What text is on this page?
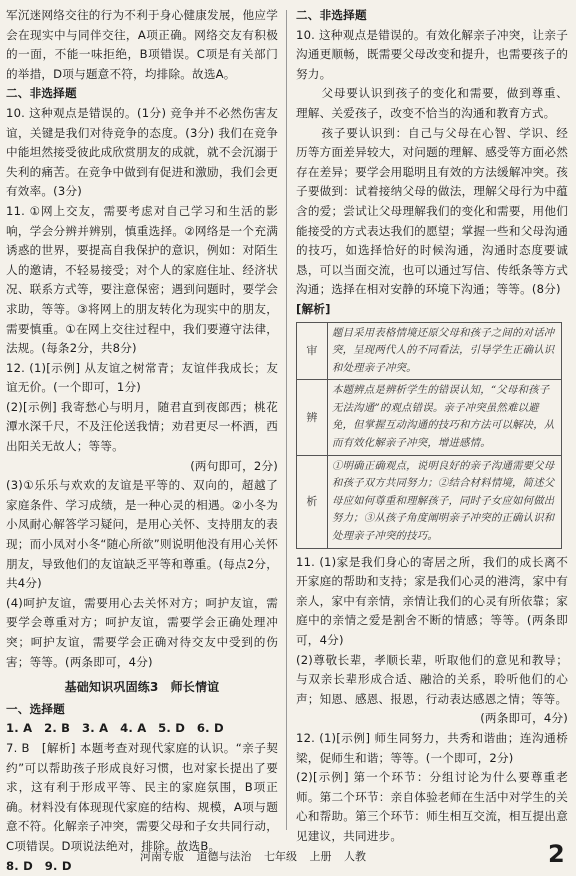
军沉迷网络交往的行为不利于身心健康发展，他应学会在现实中与同伴交往，A项正确。网络交友有积极的一面，不能一味拒绝，B项错误。C项是有关部门的举措，D项与题意不符，均排除。故选A。

二、非选择题

10. 这种观点是错误的。(1分) 竞争并不必然伤害友谊，关键是我们对待竞争的态度。(3分) 我们在竞争中能坦然接受彼此成欣赏朋友的成就，就不会沉溺于失利的痛苦。在竞争中做到有促进和激励，我们会更有效率。(3分)

11. ①网上交友，需要考虑对自己学习和生活的影响，学会分辨并辨别，慎重选择。②网络是一个充满诱惑的世界，要提高自我保护的意识，例如：对陌生人的邀请，不轻易接受；对个人的家庭住址、经济状况、联系方式等，要注意保密；遇到问题时，要学会求助，等等。③将网上的朋友转化为现实中的朋友，需要慎重。①在网上交往过程中，我们要遵守法律，法规。(每条2分，共8分)

12. (1)[示例] 从友谊之树常青；友谊伴我成长；友谊无价。(一个即可，1分)

(2)[示例] 我寄愁心与明月，随君直到夜郎西；桃花潭水深千尺，不及汪伦送我情；劝君更尽一杯酒，西出阳关无故人；等等。

(两句即可，2分)

(3)①乐乐与欢欢的友谊是平等的、双向的，超越了家庭条件、学习成绩，是一种心灵的相遇。②小冬为小凤耐心解答学习疑问，是用心关怀、支持朋友的表现；而小凤对小冬“随心所欲”则说明他没有用心关怀朋友，导致他们的友谊缺乏平等和尊重。(每点2分，共4分)

(4)呵护友谊，需要用心去关怀对方；呵护友谊，需要学会尊重对方；呵护友谊，需要学会正确处理冲突；呵护友谊，需要学会正确对待交友中受到的伤害；等等。(两条即可，4分)

基础知识巩固练3 师长情谊

一、选择题

1. A　2. B　3. A　4. A　5. D　6. D

7. B　[解析] 本题考查对现代家庭的认识。“亲子契约”可以帮助孩子形成良好习惯，也对家长提出了要求，这有利于形成平等、民主的家庭氛围，B项正确。材料没有体现现代家庭的结构、规模，A项与题意不符。化解亲子冲突，需要父母和子女共同行动，C项错误。D项说法绝对，排除。故选B。

8. D　9. D

二、非选择题

10. 这种观点是错误的。有效化解亲子冲突，让亲子沟通更顺畅，既需要父母改变和提升，也需要孩子的努力。

父母要认识到孩子的变化和需要，做到尊重、理解、关爱孩子，改变不恰当的沟通和教育方式。

孩子要认识到：自己与父母在心智、学识、经历等方面差异较大，对问题的理解、感受等方面必然存在差异；要学会用聪明且有效的方法缓解冲突。孩子要做到：试着接纳父母的做法，理解父母行为中蕴含的爱；尝试让父母理解我们的变化和需要，用他们能接受的方式表达我们的愿望；掌握一些和父母沟通的技巧，如选择恰好的时候沟通，沟通时态度要诚恳，可以当面交流，也可以通过写信、传纸条等方式沟通；选择在相对安静的环境下沟通；等等。(8分)

[解析]

审	题目采用表格情境还原父母和孩子之间的对话冲突，呈现两代人的不同看法，引导学生正确认识和处理亲子冲突。
辨	本题辨点是辨析学生的错误认知，“父母和孩子无法沟通”的观点错误。亲子冲突虽然难以避免，但掌握互动沟通的技巧和方法可以解决，从而有效化解亲子冲突，增进感情。
析	①明确正确观点，说明良好的亲子沟通需要父母和孩子双方共同努力；②结合材料情境，简述父母应如何尊重和理解孩子，同时子女应如何做出努力；③从孩子角度阐明亲子冲突的正确认识和处理亲子冲突的技巧。

11. (1)家是我们身心的寄居之所，我们的成长离不开家庭的帮助和支持；家是我们心灵的港湾，家中有亲人，家中有亲情，亲情让我们的心灵有所依靠；家庭中的亲情之爱是割舍不断的情感；等等。(两条即可，4分)

(2)尊敬长辈，孝顺长辈，听取他们的意见和教导；与双亲长辈形成合适、融洽的关系，聆听他们的心声；知恩、感恩、报恩，行动表达感恩之情；等等。

(两条即可，4分)

12. (1)[示例] 师生同努力，共秀和谐曲；连沟通桥梁，促师生和谐；等等。(一个即可，2分)

(2)[示例] 第一个环节：分组讨论为什么要尊重老师。第二个环节：亲自体验老师在生活中对学生的关心和帮助。第三个环节：师生相互交流，相互提出意见建议，共同进步。

河南专版 道德与法治 七年级 上册 人教	2
